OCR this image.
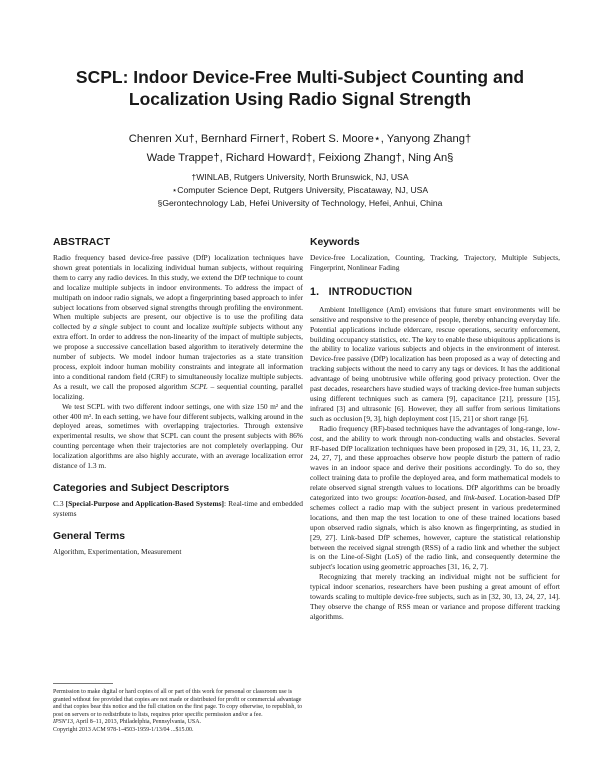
SCPL: Indoor Device-Free Multi-Subject Counting and Localization Using Radio Signal Strength
Chenren Xu†, Bernhard Firner†, Robert S. Moore⋆, Yanyong Zhang†
Wade Trappe†, Richard Howard†, Feixiong Zhang†, Ning An§
†WINLAB, Rutgers University, North Brunswick, NJ, USA
⋆Computer Science Dept, Rutgers University, Piscataway, NJ, USA
§Gerontechnology Lab, Hefei University of Technology, Hefei, Anhui, China
ABSTRACT

Radio frequency based device-free passive (DfP) localization techniques have shown great potentials in localizing individual human subjects, without requiring them to carry any radio devices. In this study, we extend the DfP technique to count and localize multiple subjects in indoor environments. To address the impact of multipath on indoor radio signals, we adopt a fingerprinting based approach to infer subject locations from observed signal strengths through profiling the environment. When multiple subjects are present, our objective is to use the profiling data collected by a single subject to count and localize multiple subjects without any extra effort. In order to address the non-linearity of the impact of multiple subjects, we propose a successive cancellation based algorithm to iteratively determine the number of subjects. We model indoor human trajectories as a state transition process, exploit indoor human mobility constraints and integrate all information into a conditional random field (CRF) to simultaneously localize multiple subjects. As a result, we call the proposed algorithm SCPL – sequential counting, parallel localizing.

We test SCPL with two different indoor settings, one with size 150 m² and the other 400 m². In each setting, we have four different subjects, walking around in the deployed areas, sometimes with overlapping trajectories. Through extensive experimental results, we show that SCPL can count the present subjects with 86% counting percentage when their trajectories are not completely overlapping. Our localization algorithms are also highly accurate, with an average localization error distance of 1.3 m.

Categories and Subject Descriptors

C.3 [Special-Purpose and Application-Based Systems]: Real-time and embedded systems

General Terms

Algorithm, Experimentation, Measurement

Permission to make digital or hard copies of all or part of this work for personal or classroom use is granted without fee provided that copies are not made or distributed for profit or commercial advantage and that copies bear this notice and the full citation on the first page. To copy otherwise, to republish, to post on servers or to redistribute to lists, requires prior specific permission and/or a fee.
IPSN'13, April 8–11, 2013, Philadelphia, Pennsylvania, USA.
Copyright 2013 ACM 978-1-4503-1959-1/13/04 ...$15.00.
Keywords

Device-free Localization, Counting, Tracking, Trajectory, Multiple Subjects, Fingerprint, Nonlinear Fading

1.   INTRODUCTION

Ambient Intelligence (AmI) envisions that future smart environments will be sensitive and responsive to the presence of people, thereby enhancing everyday life. Potential applications include eldercare, rescue operations, security enforcement, building occupancy statistics, etc. The key to enable these ubiquitous applications is the ability to localize various subjects and objects in the environment of interest. Device-free passive (DfP) localization has been proposed as a way of detecting and tracking subjects without the need to carry any tags or devices. It has the additional advantage of being unobtrusive while offering good privacy protection. Over the past decades, researchers have studied ways of tracking device-free human subjects using different techniques such as camera [9], capacitance [21], pressure [15], infrared [3] and ultrasonic [6]. However, they all suffer from serious limitations such as occlusion [9, 3], high deployment cost [15, 21] or short range [6].

Radio frequency (RF)-based techniques have the advantages of long-range, low-cost, and the ability to work through non-conducting walls and obstacles. Several RF-based DfP localization techniques have been proposed in [29, 31, 16, 11, 23, 2, 24, 27, 7], and these approaches observe how people disturb the pattern of radio waves in an indoor space and derive their positions accordingly. To do so, they collect training data to profile the deployed area, and form mathematical models to relate observed signal strength values to locations. DfP algorithms can be broadly categorized into two groups: location-based, and link-based. Location-based DfP schemes collect a radio map with the subject present in various predetermined locations, and then map the test location to one of these trained locations based upon observed radio signals, which is also known as fingerprinting, as studied in [29, 27]. Link-based DfP schemes, however, capture the statistical relationship between the received signal strength (RSS) of a radio link and whether the subject is on the Line-of-Sight (LoS) of the radio link, and consequently determine the subject's location using geometric approaches [31, 16, 2, 7].

Recognizing that merely tracking an individual might not be sufficient for typical indoor scenarios, researchers have been pushing a great amount of effort towards scaling to multiple device-free subjects, such as in [32, 30, 13, 24, 27, 14]. They observe the change of RSS mean or variance and propose different tracking algorithms.
